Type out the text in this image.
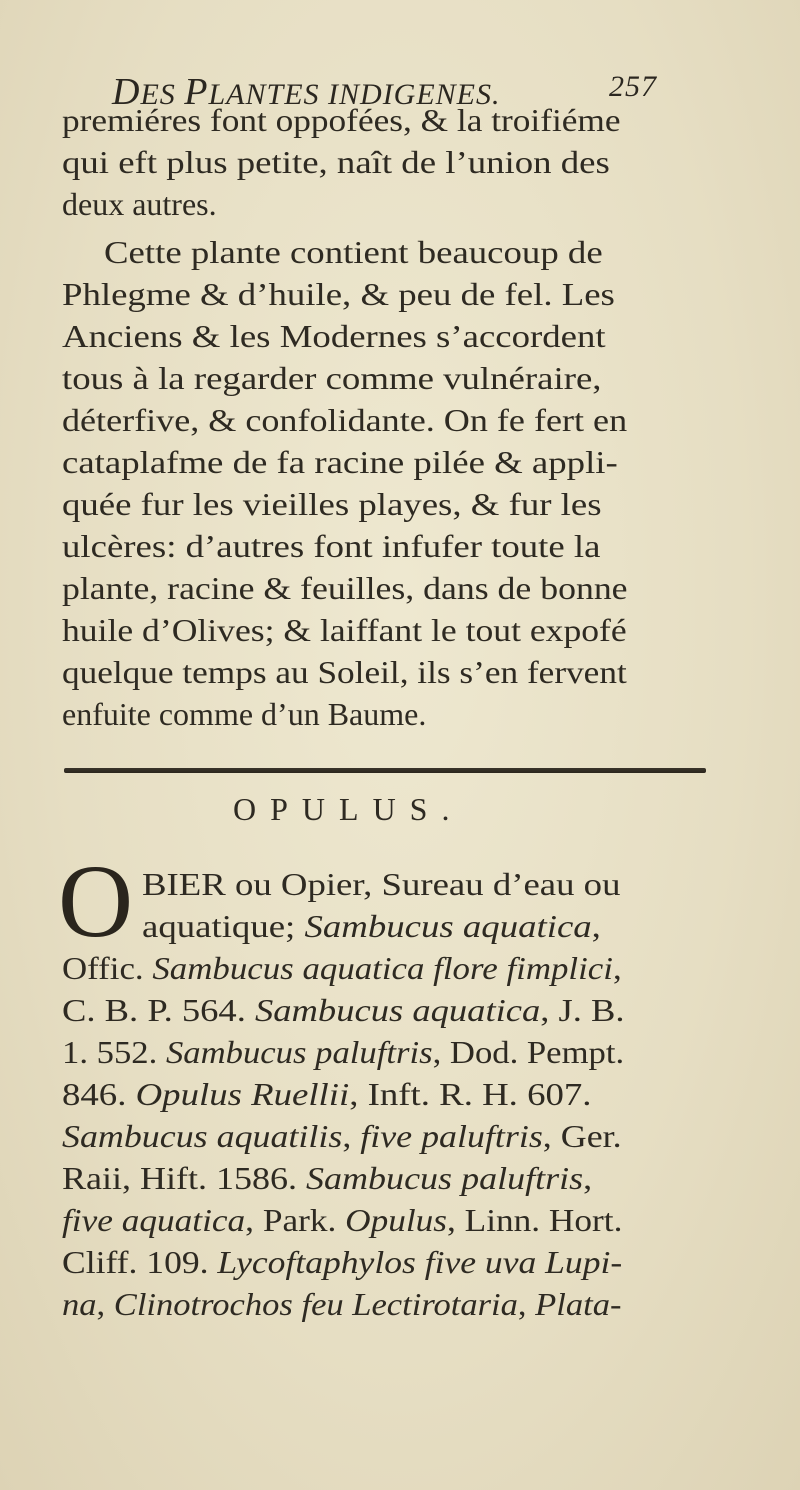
DES PLANTES INDIGENES.	257
premiéres font oppofées, & la troifiéme
qui eft plus petite, naît de l’union des
deux autres.
Cette plante contient beaucoup de
Phlegme & d’huile, & peu de fel. Les
Anciens & les Modernes s’accordent
tous à la regarder comme vulnéraire,
déterfive, & confolidante. On fe fert en
cataplafme de fa racine pilée & appli-
quée fur les vieilles playes, & fur les
ulcères: d’autres font infufer toute la
plante, racine & feuilles, dans de bonne
huile d’Olives; & laiffant le tout expofé
quelque temps au Soleil, ils s’en fervent
enfuite comme d’un Baume.
OPULUS.
O BIER ou Opier, Sureau d’eau ou
aquatique; Sambucus aquatica,
Offic. Sambucus aquatica flore fimplici,
C. B. P. 564. Sambucus aquatica, J. B.
1. 552. Sambucus paluftris, Dod. Pempt.
846. Opulus Ruellii, Inft. R. H. 607.
Sambucus aquatilis, five paluftris, Ger.
Raii, Hift. 1586. Sambucus paluftris,
five aquatica, Park. Opulus, Linn. Hort.
Cliff. 109. Lycoftaphylos five uva Lupi-
na, Clinotrochos feu Lectirotaria, Plata-
